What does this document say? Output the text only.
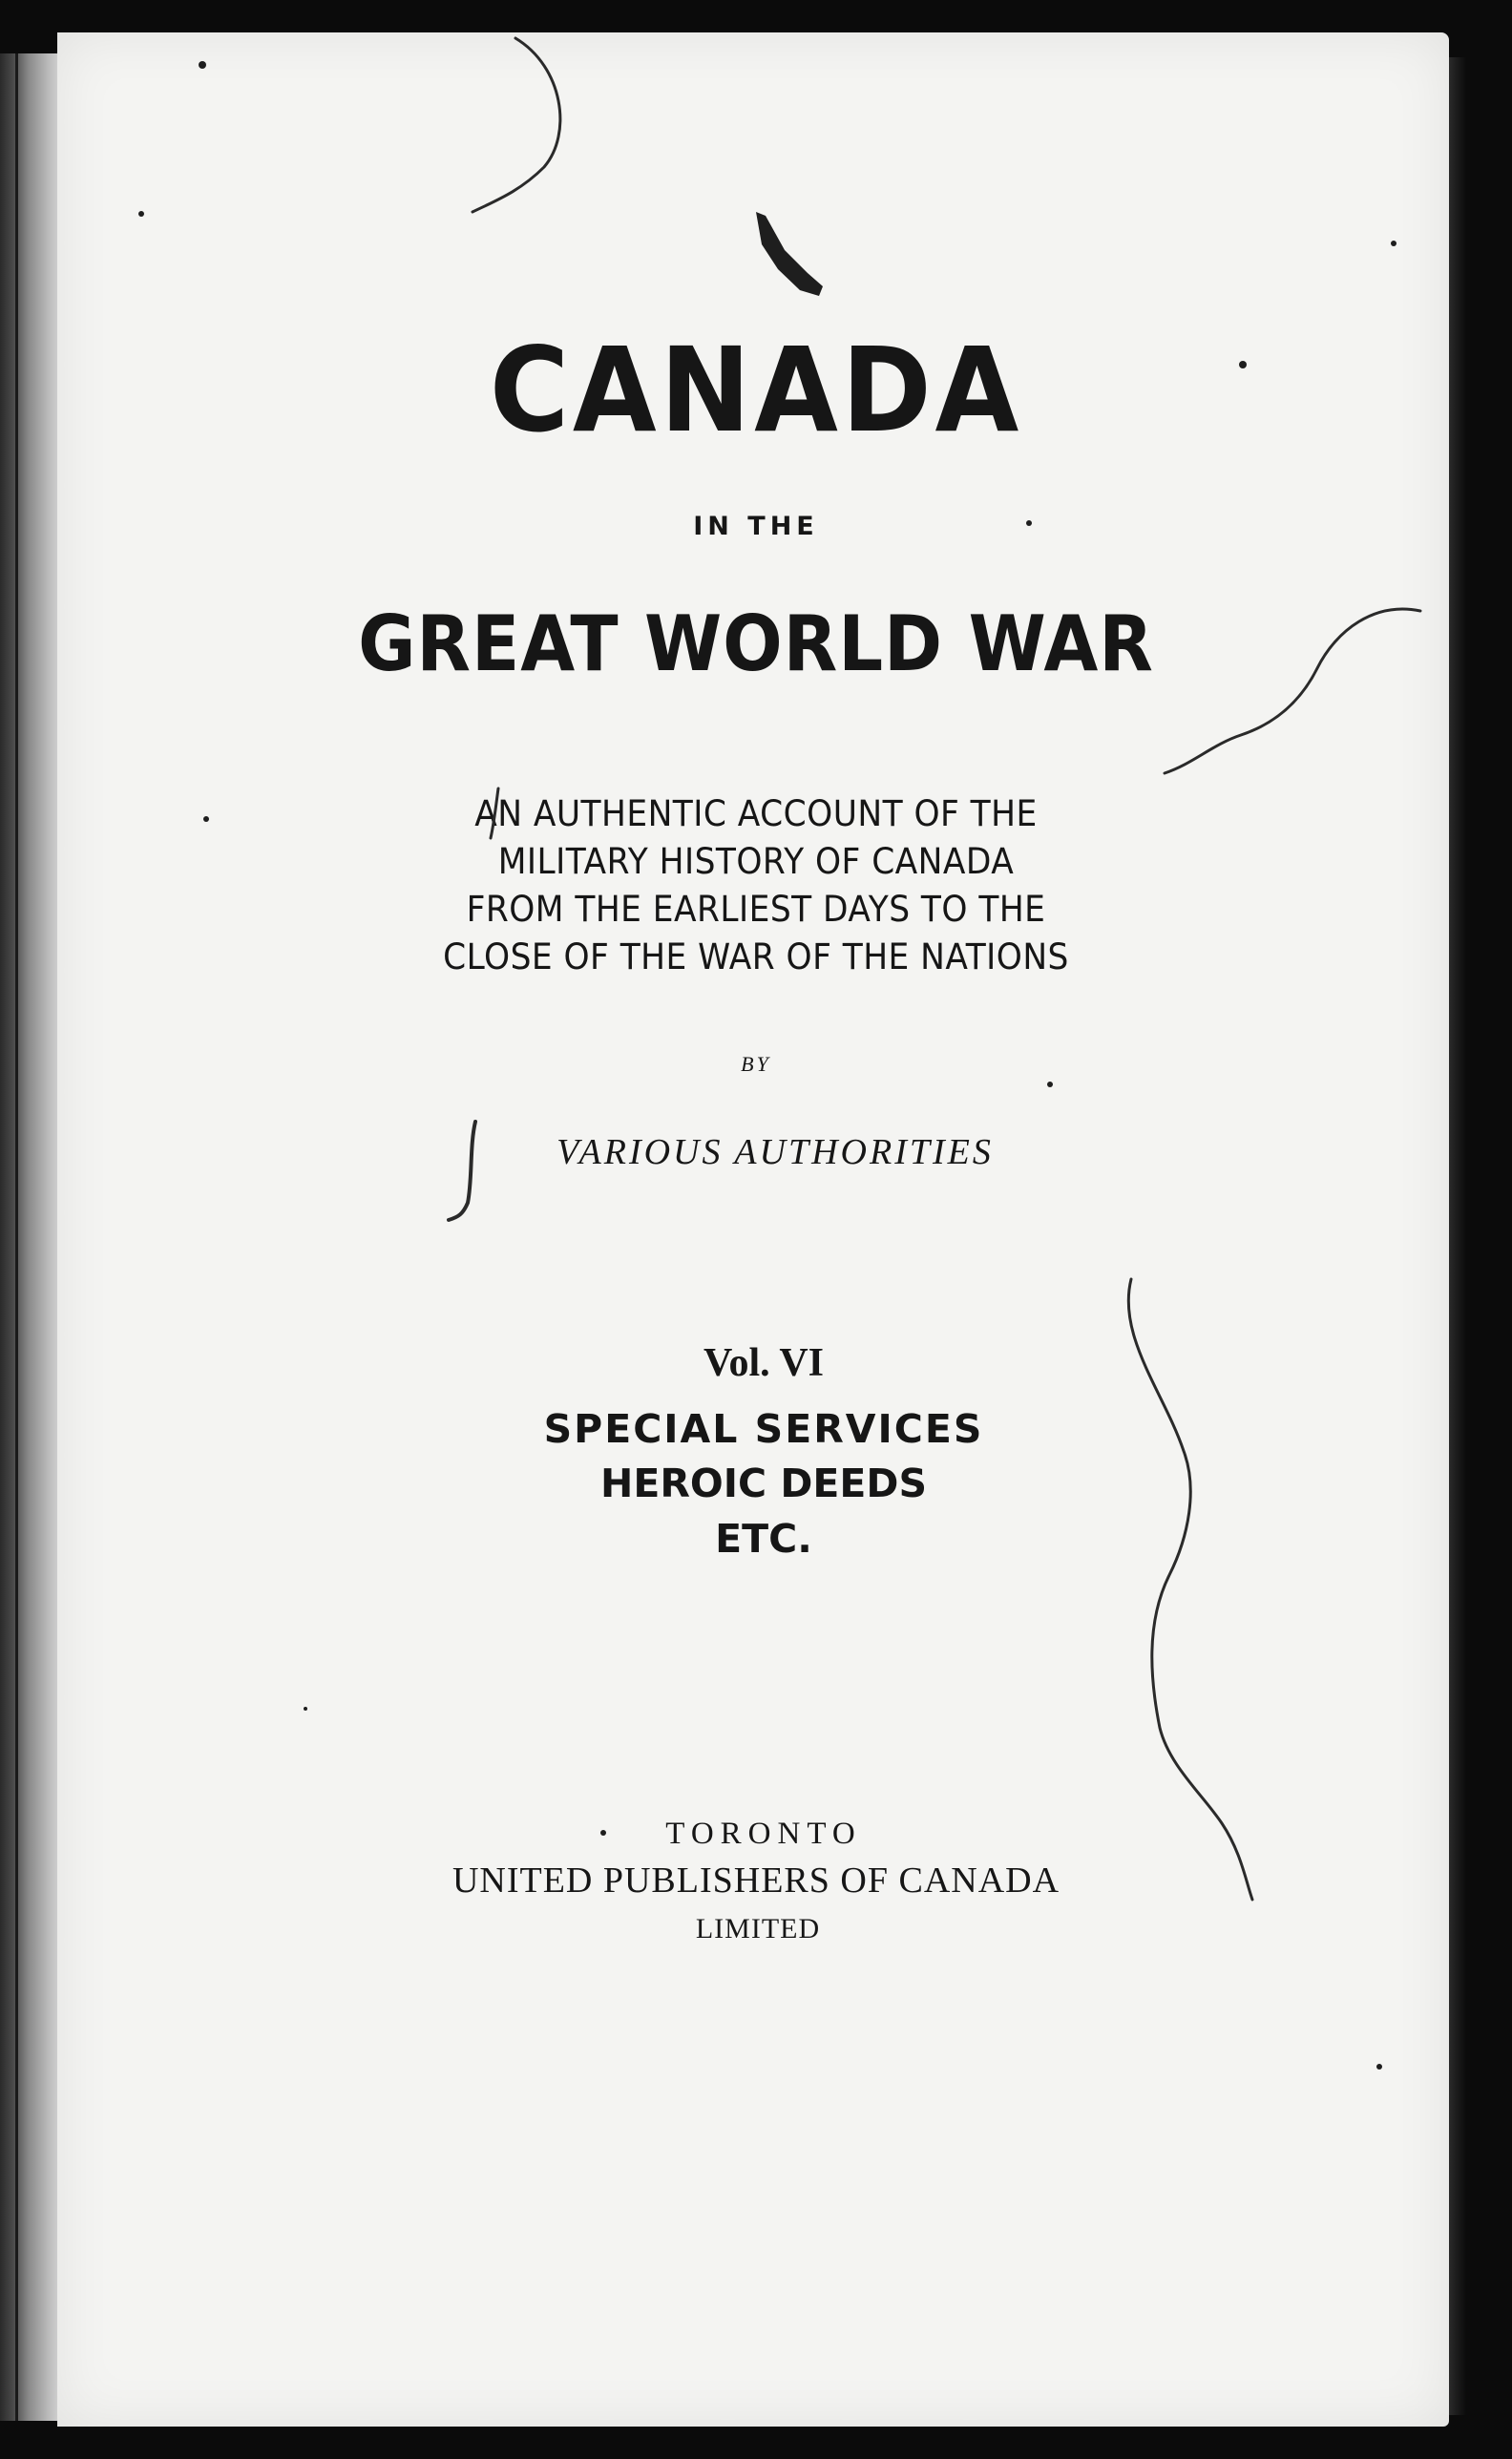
CANADA
IN THE
GREAT WORLD WAR
AN AUTHENTIC ACCOUNT OF THE
MILITARY HISTORY OF CANADA
FROM THE EARLIEST DAYS TO THE
CLOSE OF THE WAR OF THE NATIONS
BY
VARIOUS AUTHORITIES
Vol. VI
SPECIAL SERVICES
HEROIC DEEDS
ETC.
TORONTO
UNITED PUBLISHERS OF CANADA
LIMITED
